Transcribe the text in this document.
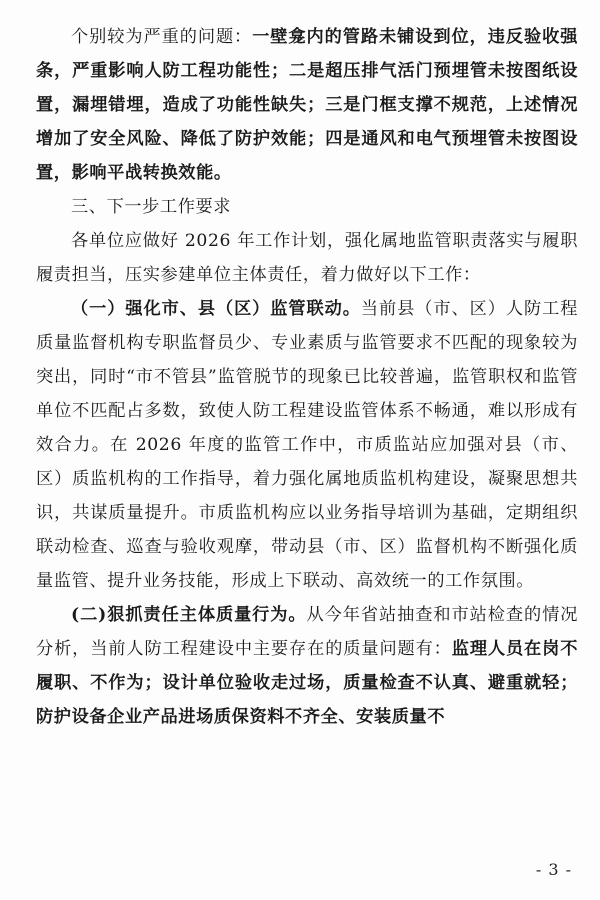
个别较为严重的问题：一壁龛内的管路未铺设到位，违反验收强条，严重影响人防工程功能性；二是超压排气活门预埋管未按图纸设置，漏埋错埋，造成了功能性缺失；三是门框支撑不规范，上述情况增加了安全风险、降低了防护效能；四是通风和电气预埋管未按图设置，影响平战转换效能。

三、下一步工作要求

各单位应做好 2026 年工作计划，强化属地监管职责落实与履职履责担当，压实参建单位主体责任，着力做好以下工作：

（一）强化市、县（区）监管联动。当前县（市、区）人防工程质量监督机构专职监督员少、专业素质与监管要求不匹配的现象较为突出，同时“市不管县”监管脱节的现象已比较普遍，监管职权和监管单位不匹配占多数，致使人防工程建设监管体系不畅通，难以形成有效合力。在 2026 年度的监管工作中，市质监站应加强对县（市、区）质监机构的工作指导，着力强化属地质监机构建设，凝聚思想共识，共谋质量提升。市质监机构应以业务指导培训为基础，定期组织联动检查、巡查与验收观摩，带动县（市、区）监督机构不断强化质量监管、提升业务技能，形成上下联动、高效统一的工作氛围。

(二)狠抓责任主体质量行为。从今年省站抽查和市站检查的情况分析，当前人防工程建设中主要存在的质量问题有：监理人员在岗不履职、不作为；设计单位验收走过场，质量检查不认真、避重就轻；防护设备企业产品进场质保资料不齐全、安装质量不

- 3 -
